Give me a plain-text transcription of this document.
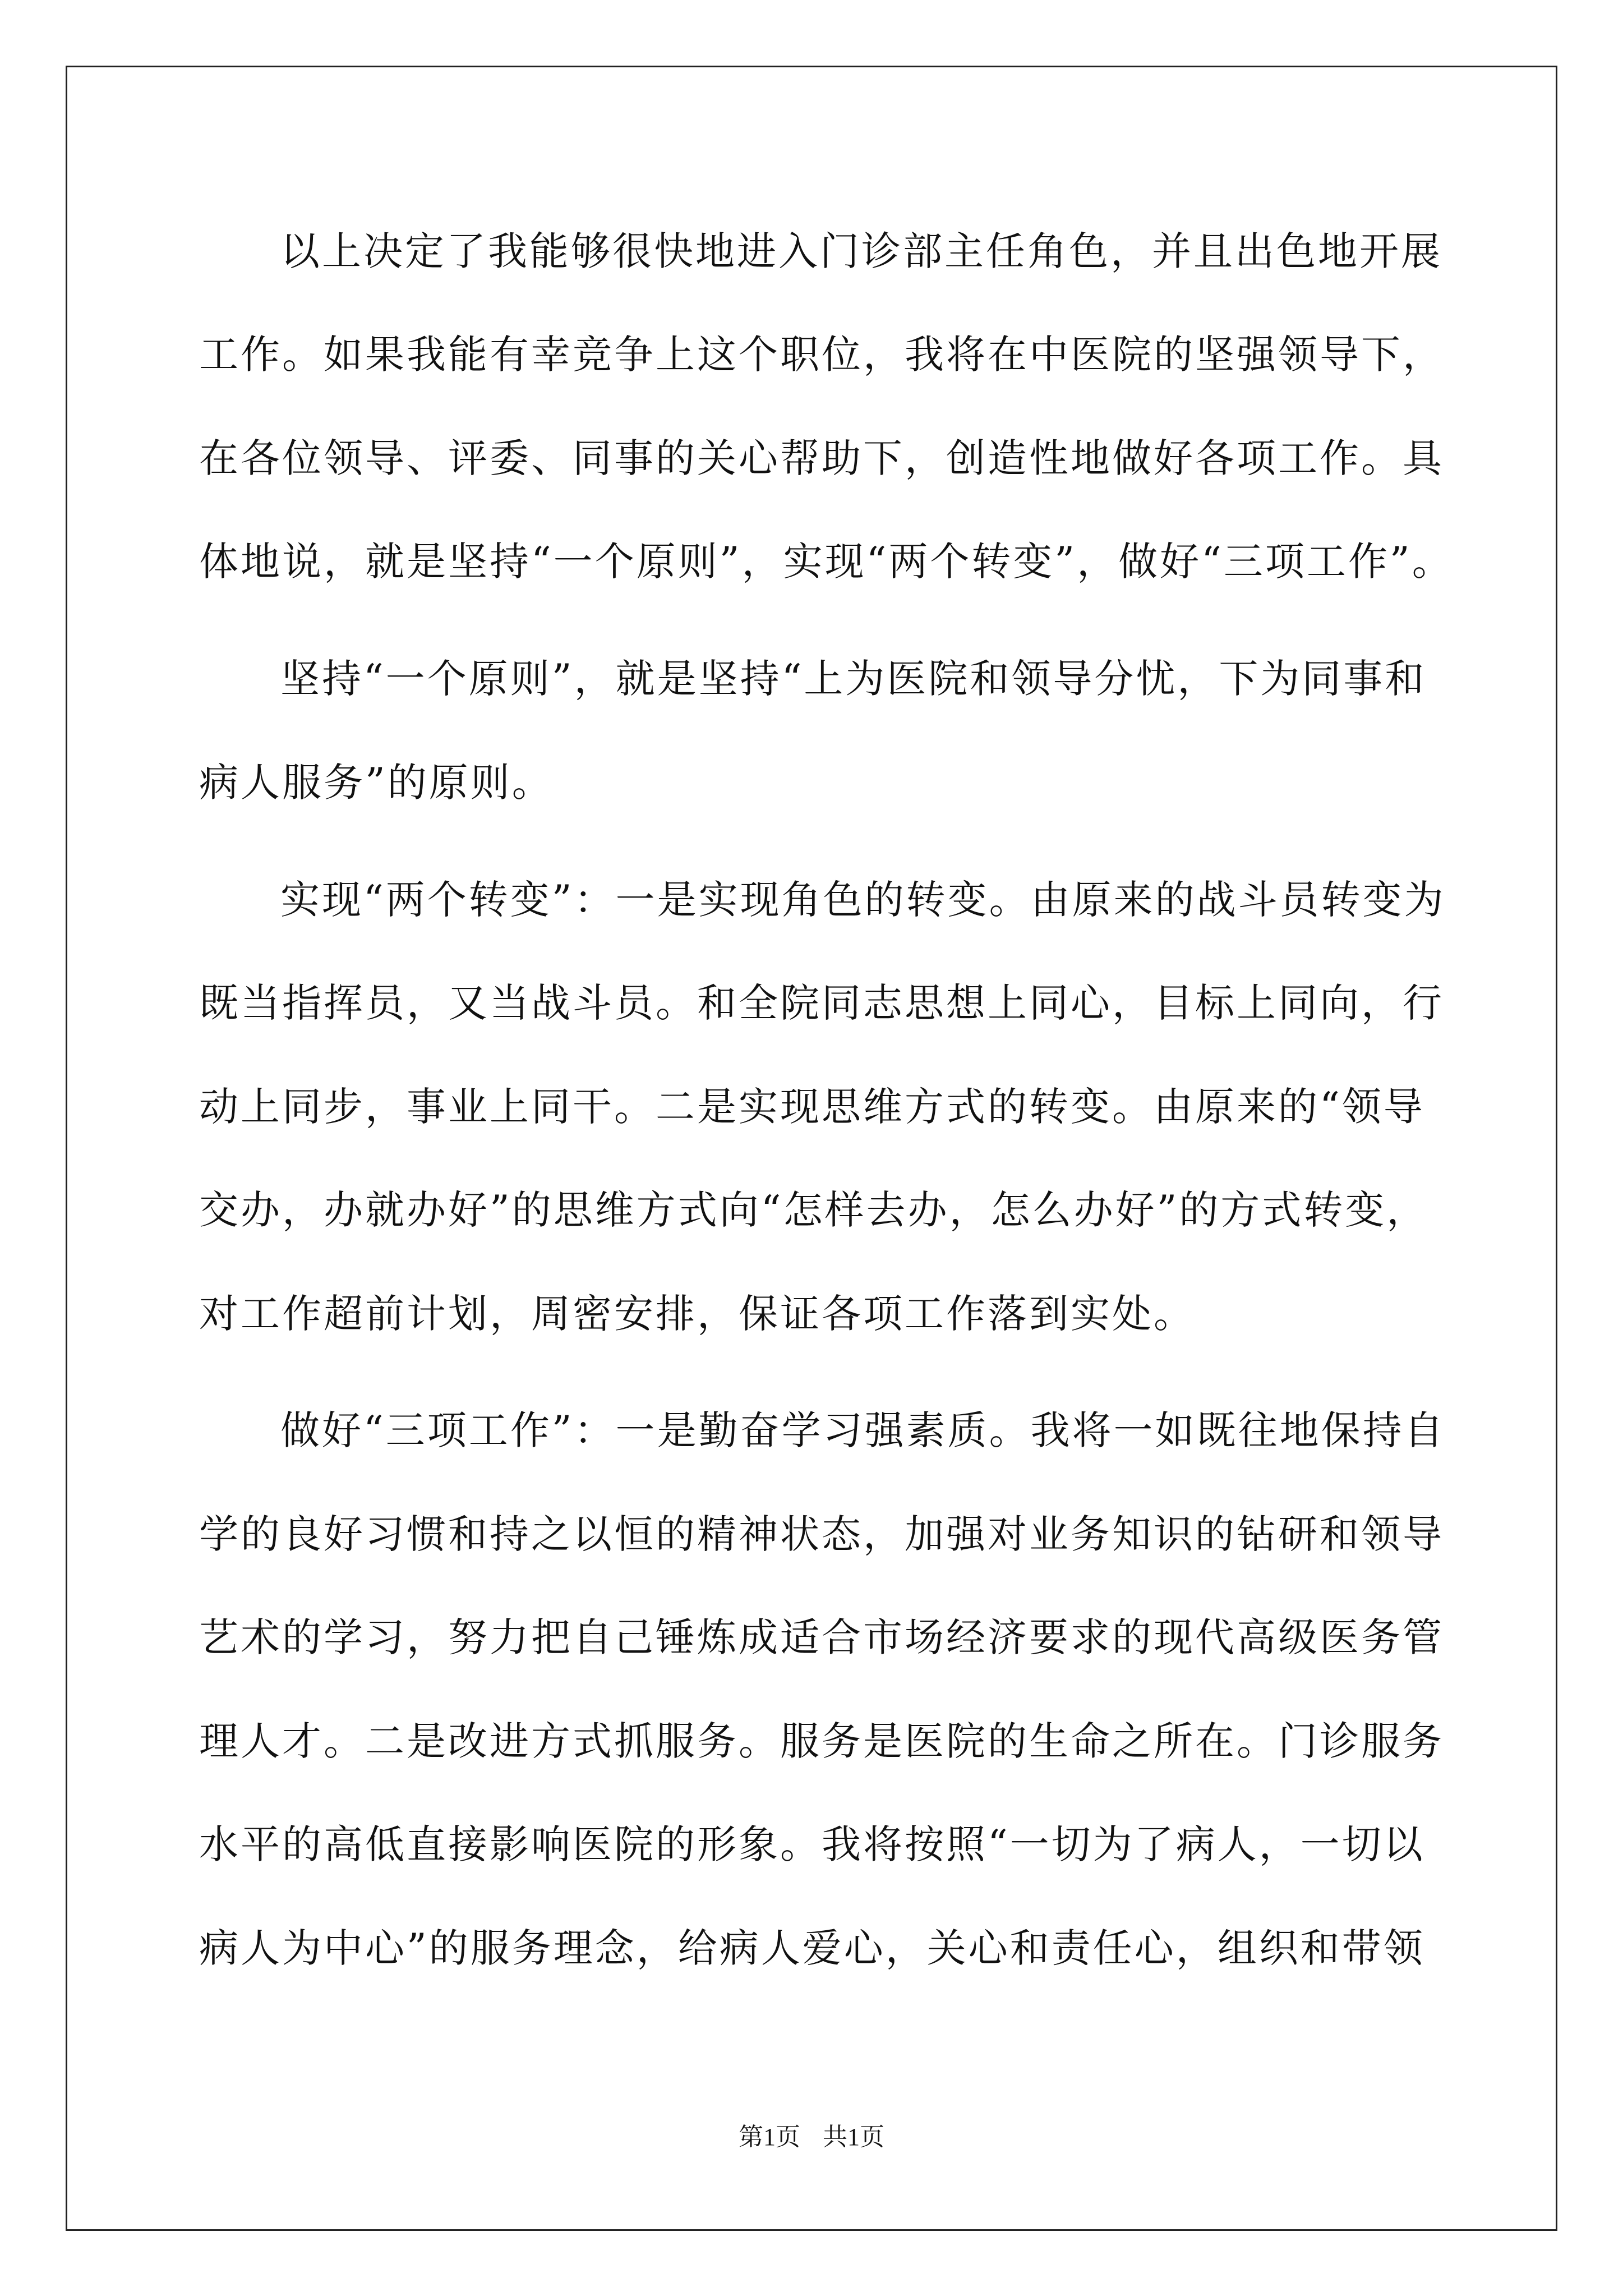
以上决定了我能够很快地进入门诊部主任角色，并且出色地开展
工作。如果我能有幸竞争上这个职位，我将在中医院的坚强领导下，
在各位领导、评委、同事的关心帮助下，创造性地做好各项工作。具
体地说，就是坚持“一个原则”，实现“两个转变”，做好“三项工作”。
坚持“一个原则”，就是坚持“上为医院和领导分忧，下为同事和
病人服务”的原则。
实现“两个转变”：一是实现角色的转变。由原来的战斗员转变为
既当指挥员，又当战斗员。和全院同志思想上同心，目标上同向，行
动上同步，事业上同干。二是实现思维方式的转变。由原来的“领导
交办，办就办好”的思维方式向“怎样去办，怎么办好”的方式转变，
对工作超前计划，周密安排，保证各项工作落到实处。
做好“三项工作”：一是勤奋学习强素质。我将一如既往地保持自
学的良好习惯和持之以恒的精神状态，加强对业务知识的钻研和领导
艺术的学习，努力把自己锤炼成适合市场经济要求的现代高级医务管
理人才。二是改进方式抓服务。服务是医院的生命之所在。门诊服务
水平的高低直接影响医院的形象。我将按照“一切为了病人，一切以
病人为中心”的服务理念，给病人爱心，关心和责任心，组织和带领
第1页 共1页
